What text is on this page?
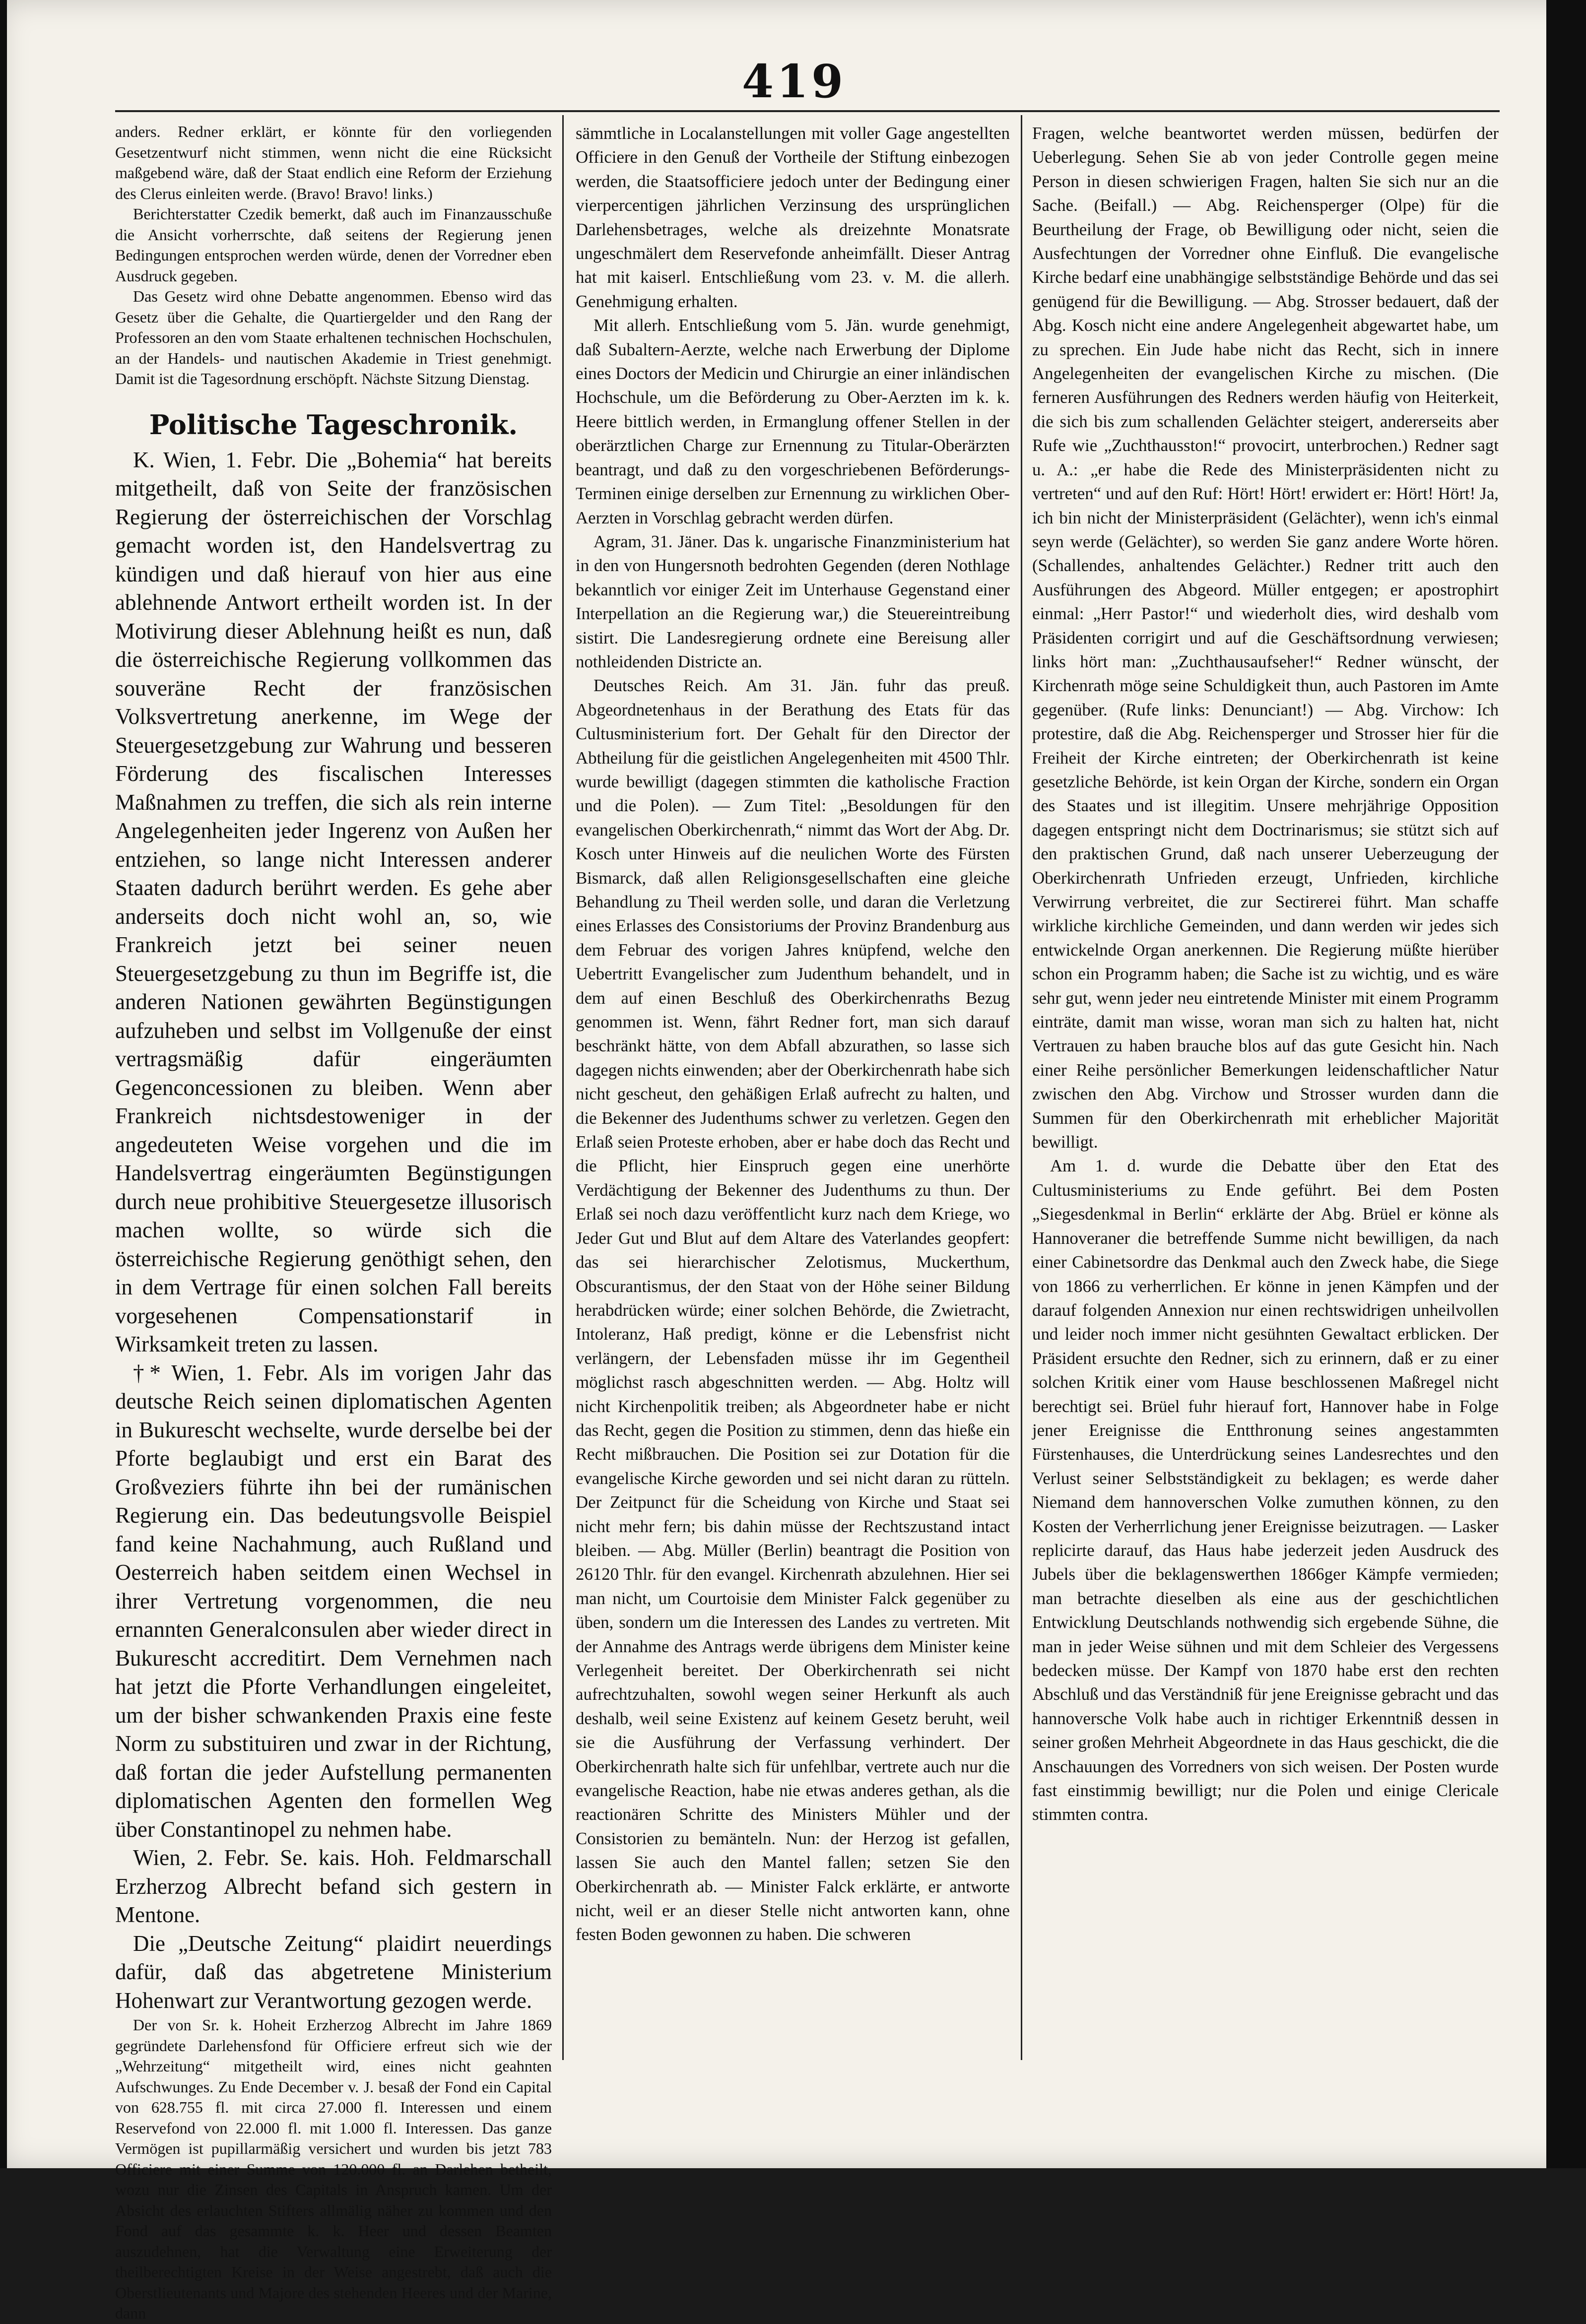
419

anders. Redner erklärt, er könnte für den vorliegenden Gesetzentwurf nicht stimmen, wenn nicht die eine Rücksicht maßgebend wäre, daß der Staat endlich eine Reform der Erziehung des Clerus einleiten werde. (Bravo! Bravo! links.)

Berichterstatter Czedik bemerkt, daß auch im Finanzausschuße die Ansicht vorherrschte, daß seitens der Regierung jenen Bedingungen entsprochen werden würde, denen der Vorredner eben Ausdruck gegeben.

Das Gesetz wird ohne Debatte angenommen. Ebenso wird das Gesetz über die Gehalte, die Quartiergelder und den Rang der Professoren an den vom Staate erhaltenen technischen Hochschulen, an der Handels- und nautischen Akademie in Triest genehmigt. Damit ist die Tagesordnung erschöpft. Nächste Sitzung Dienstag.

Politische Tageschronik.

K. Wien, 1. Febr. Die „Bohemia“ hat bereits mitgetheilt, daß von Seite der französischen Regierung der österreichischen der Vorschlag gemacht worden ist, den Handelsvertrag zu kündigen und daß hierauf von hier aus eine ablehnende Antwort ertheilt worden ist. In der Motivirung dieser Ablehnung heißt es nun, daß die österreichische Regierung vollkommen das souveräne Recht der französischen Volksvertretung anerkenne, im Wege der Steuergesetzgebung zur Wahrung und besseren Förderung des fiscalischen Interesses Maßnahmen zu treffen, die sich als rein interne Angelegenheiten jeder Ingerenz von Außen her entziehen, so lange nicht Interessen anderer Staaten dadurch berührt werden. Es gehe aber anderseits doch nicht wohl an, so, wie Frankreich jetzt bei seiner neuen Steuergesetzgebung zu thun im Begriffe ist, die anderen Nationen gewährten Begünstigungen aufzuheben und selbst im Vollgenuße der einst vertragsmäßig dafür eingeräumten Gegenconcessionen zu bleiben. Wenn aber Frankreich nichtsdestoweniger in der angedeuteten Weise vorgehen und die im Handelsvertrag eingeräumten Begünstigungen durch neue prohibitive Steuergesetze illusorisch machen wollte, so würde sich die österreichische Regierung genöthigt sehen, den in dem Vertrage für einen solchen Fall bereits vorgesehenen Compensationstarif in Wirksamkeit treten zu lassen.

†* Wien, 1. Febr. Als im vorigen Jahr das deutsche Reich seinen diplomatischen Agenten in Bukurescht wechselte, wurde derselbe bei der Pforte beglaubigt und erst ein Barat des Großveziers führte ihn bei der rumänischen Regierung ein. Das bedeutungsvolle Beispiel fand keine Nachahmung, auch Rußland und Oesterreich haben seitdem einen Wechsel in ihrer Vertretung vorgenommen, die neu ernannten Generalconsulen aber wieder direct in Bukurescht accreditirt. Dem Vernehmen nach hat jetzt die Pforte Verhandlungen eingeleitet, um der bisher schwankenden Praxis eine feste Norm zu substituiren und zwar in der Richtung, daß fortan die jeder Aufstellung permanenten diplomatischen Agenten den formellen Weg über Constantinopel zu nehmen habe.

Wien, 2. Febr. Se. kais. Hoh. Feldmarschall Erzherzog Albrecht befand sich gestern in Mentone.

Die „Deutsche Zeitung“ plaidirt neuerdings dafür, daß das abgetretene Ministerium Hohenwart zur Verantwortung gezogen werde.

Der von Sr. k. Hoheit Erzherzog Albrecht im Jahre 1869 gegründete Darlehensfond für Officiere erfreut sich wie der „Wehrzeitung“ mitgetheilt wird, eines nicht geahnten Aufschwunges. Zu Ende December v. J. besaß der Fond ein Capital von 628.755 fl. mit circa 27.000 fl. Interessen und einem Reservefond von 22.000 fl. mit 1.000 fl. Interessen. Das ganze Vermögen ist pupillarmäßig versichert und wurden bis jetzt 783 Officiere mit einer Summe von 120.000 fl. an Darlehen betheilt, wozu nur die Zinsen des Capitals in Anspruch kamen. Um der Absicht des erlauchten Stifters allmälig näher zu kommen und den Fond auf das gesammte k. k. Heer und dessen Beamten auszudehnen, hat die Verwaltung eine Erweiterung der theilberechtigten Kreise in der Weise angestrebt, daß auch die Oberstlieutenants und Majore des stehenden Heeres und der Marine, dann

sämmtliche in Localanstellungen mit voller Gage angestellten Officiere in den Genuß der Vortheile der Stiftung einbezogen werden, die Staatsofficiere jedoch unter der Bedingung einer vierpercentigen jährlichen Verzinsung des ursprünglichen Darlehensbetrages, welche als dreizehnte Monatsrate ungeschmälert dem Reservefonde anheimfällt. Dieser Antrag hat mit kaiserl. Entschließung vom 23. v. M. die allerh. Genehmigung erhalten.

Mit allerh. Entschließung vom 5. Jän. wurde genehmigt, daß Subaltern-Aerzte, welche nach Erwerbung der Diplome eines Doctors der Medicin und Chirurgie an einer inländischen Hochschule, um die Beförderung zu Ober-Aerzten im k. k. Heere bittlich werden, in Ermanglung offener Stellen in der oberärztlichen Charge zur Ernennung zu Titular-Oberärzten beantragt, und daß zu den vorgeschriebenen Beförderungs-Terminen einige derselben zur Ernennung zu wirklichen Ober-Aerzten in Vorschlag gebracht werden dürfen.

Agram, 31. Jäner. Das k. ungarische Finanzministerium hat in den von Hungersnoth bedrohten Gegenden (deren Nothlage bekanntlich vor einiger Zeit im Unterhause Gegenstand einer Interpellation an die Regierung war,) die Steuereintreibung sistirt. Die Landesregierung ordnete eine Bereisung aller nothleidenden Districte an.

Deutsches Reich. Am 31. Jän. fuhr das preuß. Abgeordnetenhaus in der Berathung des Etats für das Cultusministerium fort. Der Gehalt für den Director der Abtheilung für die geistlichen Angelegenheiten mit 4500 Thlr. wurde bewilligt (dagegen stimmten die katholische Fraction und die Polen). — Zum Titel: „Besoldungen für den evangelischen Oberkirchenrath,“ nimmt das Wort der Abg. Dr. Kosch unter Hinweis auf die neulichen Worte des Fürsten Bismarck, daß allen Religionsgesellschaften eine gleiche Behandlung zu Theil werden solle, und daran die Verletzung eines Erlasses des Consistoriums der Provinz Brandenburg aus dem Februar des vorigen Jahres knüpfend, welche den Uebertritt Evangelischer zum Judenthum behandelt, und in dem auf einen Beschluß des Oberkirchenraths Bezug genommen ist. Wenn, fährt Redner fort, man sich darauf beschränkt hätte, von dem Abfall abzurathen, so lasse sich dagegen nichts einwenden; aber der Oberkirchenrath habe sich nicht gescheut, den gehäßigen Erlaß aufrecht zu halten, und die Bekenner des Judenthums schwer zu verletzen. Gegen den Erlaß seien Proteste erhoben, aber er habe doch das Recht und die Pflicht, hier Einspruch gegen eine unerhörte Verdächtigung der Bekenner des Judenthums zu thun. Der Erlaß sei noch dazu veröffentlicht kurz nach dem Kriege, wo Jeder Gut und Blut auf dem Altare des Vaterlandes geopfert: das sei hierarchischer Zelotismus, Muckerthum, Obscurantismus, der den Staat von der Höhe seiner Bildung herabdrücken würde; einer solchen Behörde, die Zwietracht, Intoleranz, Haß predigt, könne er die Lebensfrist nicht verlängern, der Lebensfaden müsse ihr im Gegentheil möglichst rasch abgeschnitten werden. — Abg. Holtz will nicht Kirchenpolitik treiben; als Abgeordneter habe er nicht das Recht, gegen die Position zu stimmen, denn das hieße ein Recht mißbrauchen. Die Position sei zur Dotation für die evangelische Kirche geworden und sei nicht daran zu rütteln. Der Zeitpunct für die Scheidung von Kirche und Staat sei nicht mehr fern; bis dahin müsse der Rechtszustand intact bleiben. — Abg. Müller (Berlin) beantragt die Position von 26120 Thlr. für den evangel. Kirchenrath abzulehnen. Hier sei man nicht, um Courtoisie dem Minister Falck gegenüber zu üben, sondern um die Interessen des Landes zu vertreten. Mit der Annahme des Antrags werde übrigens dem Minister keine Verlegenheit bereitet. Der Oberkirchenrath sei nicht aufrechtzuhalten, sowohl wegen seiner Herkunft als auch deshalb, weil seine Existenz auf keinem Gesetz beruht, weil sie die Ausführung der Verfassung verhindert. Der Oberkirchenrath halte sich für unfehlbar, vertrete auch nur die evangelische Reaction, habe nie etwas anderes gethan, als die reactionären Schritte des Ministers Mühler und der Consistorien zu bemänteln. Nun: der Herzog ist gefallen, lassen Sie auch den Mantel fallen; setzen Sie den Oberkirchenrath ab. — Minister Falck erklärte, er antworte nicht, weil er an dieser Stelle nicht antworten kann, ohne festen Boden gewonnen zu haben. Die schweren

Fragen, welche beantwortet werden müssen, bedürfen der Ueberlegung. Sehen Sie ab von jeder Controlle gegen meine Person in diesen schwierigen Fragen, halten Sie sich nur an die Sache. (Beifall.) — Abg. Reichensperger (Olpe) für die Beurtheilung der Frage, ob Bewilligung oder nicht, seien die Ausfechtungen der Vorredner ohne Einfluß. Die evangelische Kirche bedarf eine unabhängige selbstständige Behörde und das sei genügend für die Bewilligung. — Abg. Strosser bedauert, daß der Abg. Kosch nicht eine andere Angelegenheit abgewartet habe, um zu sprechen. Ein Jude habe nicht das Recht, sich in innere Angelegenheiten der evangelischen Kirche zu mischen. (Die ferneren Ausführungen des Redners werden häufig von Heiterkeit, die sich bis zum schallenden Gelächter steigert, andererseits aber Rufe wie „Zuchthausston!“ provocirt, unterbrochen.) Redner sagt u. A.: „er habe die Rede des Ministerpräsidenten nicht zu vertreten“ und auf den Ruf: Hört! Hört! erwidert er: Hört! Hört! Ja, ich bin nicht der Ministerpräsident (Gelächter), wenn ich's einmal seyn werde (Gelächter), so werden Sie ganz andere Worte hören. (Schallendes, anhaltendes Gelächter.) Redner tritt auch den Ausführungen des Abgeord. Müller entgegen; er apostrophirt einmal: „Herr Pastor!“ und wiederholt dies, wird deshalb vom Präsidenten corrigirt und auf die Geschäftsordnung verwiesen; links hört man: „Zuchthausaufseher!“ Redner wünscht, der Kirchenrath möge seine Schuldigkeit thun, auch Pastoren im Amte gegenüber. (Rufe links: Denunciant!) — Abg. Virchow: Ich protestire, daß die Abg. Reichensperger und Strosser hier für die Freiheit der Kirche eintreten; der Oberkirchenrath ist keine gesetzliche Behörde, ist kein Organ der Kirche, sondern ein Organ des Staates und ist illegitim. Unsere mehrjährige Opposition dagegen entspringt nicht dem Doctrinarismus; sie stützt sich auf den praktischen Grund, daß nach unserer Ueberzeugung der Oberkirchenrath Unfrieden erzeugt, Unfrieden, kirchliche Verwirrung verbreitet, die zur Sectirerei führt. Man schaffe wirkliche kirchliche Gemeinden, und dann werden wir jedes sich entwickelnde Organ anerkennen. Die Regierung müßte hierüber schon ein Programm haben; die Sache ist zu wichtig, und es wäre sehr gut, wenn jeder neu eintretende Minister mit einem Programm einträte, damit man wisse, woran man sich zu halten hat, nicht Vertrauen zu haben brauche blos auf das gute Gesicht hin. Nach einer Reihe persönlicher Bemerkungen leidenschaftlicher Natur zwischen den Abg. Virchow und Strosser wurden dann die Summen für den Oberkirchenrath mit erheblicher Majorität bewilligt.

Am 1. d. wurde die Debatte über den Etat des Cultusministeriums zu Ende geführt. Bei dem Posten „Siegesdenkmal in Berlin“ erklärte der Abg. Brüel er könne als Hannoveraner die betreffende Summe nicht bewilligen, da nach einer Cabinetsordre das Denkmal auch den Zweck habe, die Siege von 1866 zu verherrlichen. Er könne in jenen Kämpfen und der darauf folgenden Annexion nur einen rechtswidrigen unheilvollen und leider noch immer nicht gesühnten Gewaltact erblicken. Der Präsident ersuchte den Redner, sich zu erinnern, daß er zu einer solchen Kritik einer vom Hause beschlossenen Maßregel nicht berechtigt sei. Brüel fuhr hierauf fort, Hannover habe in Folge jener Ereignisse die Entthronung seines angestammten Fürstenhauses, die Unterdrückung seines Landesrechtes und den Verlust seiner Selbstständigkeit zu beklagen; es werde daher Niemand dem hannoverschen Volke zumuthen können, zu den Kosten der Verherrlichung jener Ereignisse beizutragen. — Lasker replicirte darauf, das Haus habe jederzeit jeden Ausdruck des Jubels über die beklagenswerthen 1866ger Kämpfe vermieden; man betrachte dieselben als eine aus der geschichtlichen Entwicklung Deutschlands nothwendig sich ergebende Sühne, die man in jeder Weise sühnen und mit dem Schleier des Vergessens bedecken müsse. Der Kampf von 1870 habe erst den rechten Abschluß und das Verständniß für jene Ereignisse gebracht und das hannoversche Volk habe auch in richtiger Erkenntniß dessen in seiner großen Mehrheit Abgeordnete in das Haus geschickt, die die Anschauungen des Vorredners von sich weisen. Der Posten wurde fast einstimmig bewilligt; nur die Polen und einige Clericale stimmten contra.
